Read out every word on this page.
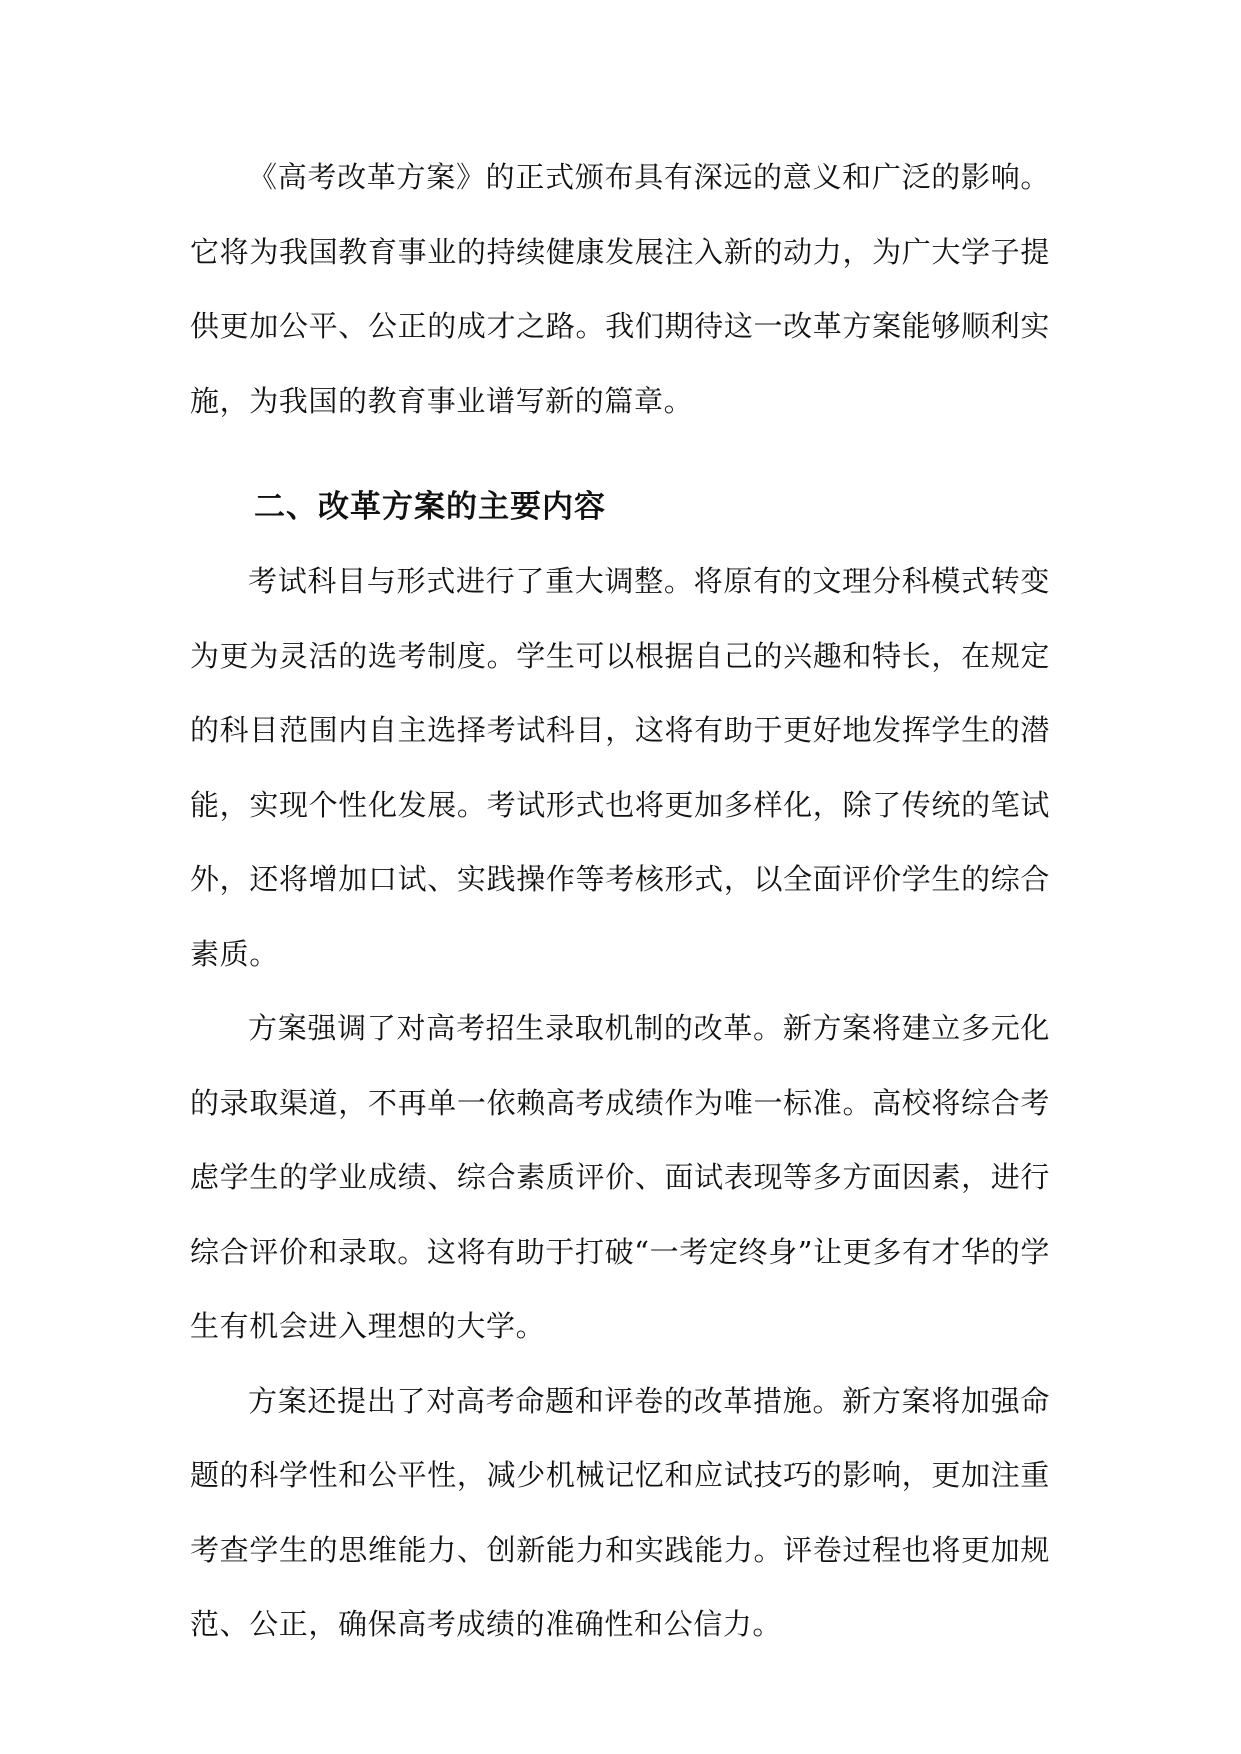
《高考改革方案》的正式颁布具有深远的意义和广泛的影响。它将为我国教育事业的持续健康发展注入新的动力，为广大学子提供更加公平、公正的成才之路。我们期待这一改革方案能够顺利实施，为我国的教育事业谱写新的篇章。

二、改革方案的主要内容

考试科目与形式进行了重大调整。将原有的文理分科模式转变为更为灵活的选考制度。学生可以根据自己的兴趣和特长，在规定的科目范围内自主选择考试科目，这将有助于更好地发挥学生的潜能，实现个性化发展。考试形式也将更加多样化，除了传统的笔试外，还将增加口试、实践操作等考核形式，以全面评价学生的综合素质。

方案强调了对高考招生录取机制的改革。新方案将建立多元化的录取渠道，不再单一依赖高考成绩作为唯一标准。高校将综合考虑学生的学业成绩、综合素质评价、面试表现等多方面因素，进行综合评价和录取。这将有助于打破“一考定终身”让更多有才华的学生有机会进入理想的大学。

方案还提出了对高考命题和评卷的改革措施。新方案将加强命题的科学性和公平性，减少机械记忆和应试技巧的影响，更加注重考查学生的思维能力、创新能力和实践能力。评卷过程也将更加规范、公正，确保高考成绩的准确性和公信力。
